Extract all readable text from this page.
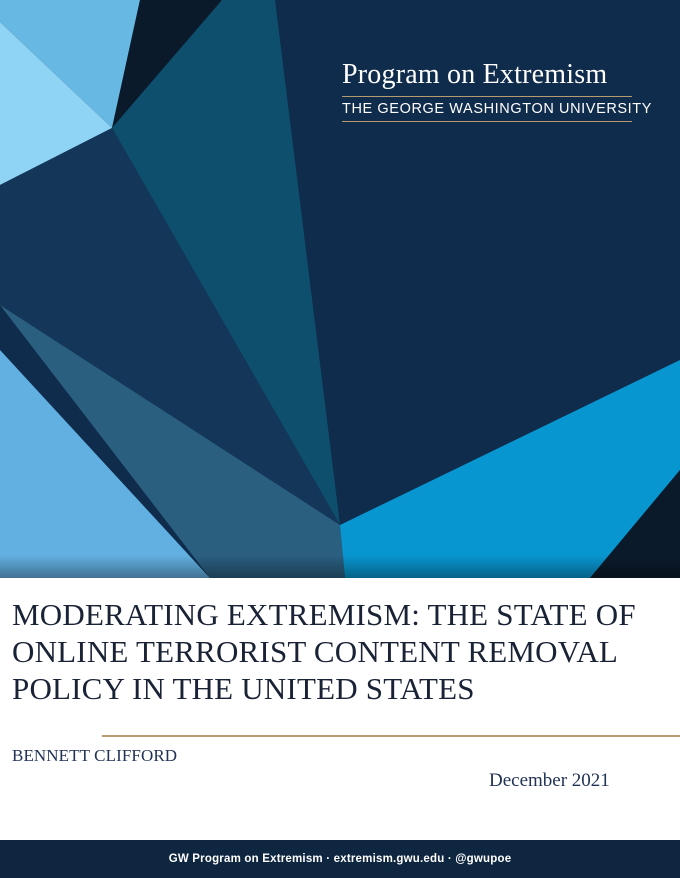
Program on Extremism
THE GEORGE WASHINGTON UNIVERSITY
MODERATING EXTREMISM: THE STATE OF
ONLINE TERRORIST CONTENT REMOVAL
POLICY IN THE UNITED STATES
BENNETT CLIFFORD
December 2021
GW Program on Extremism · extremism.gwu.edu · @gwupoe
